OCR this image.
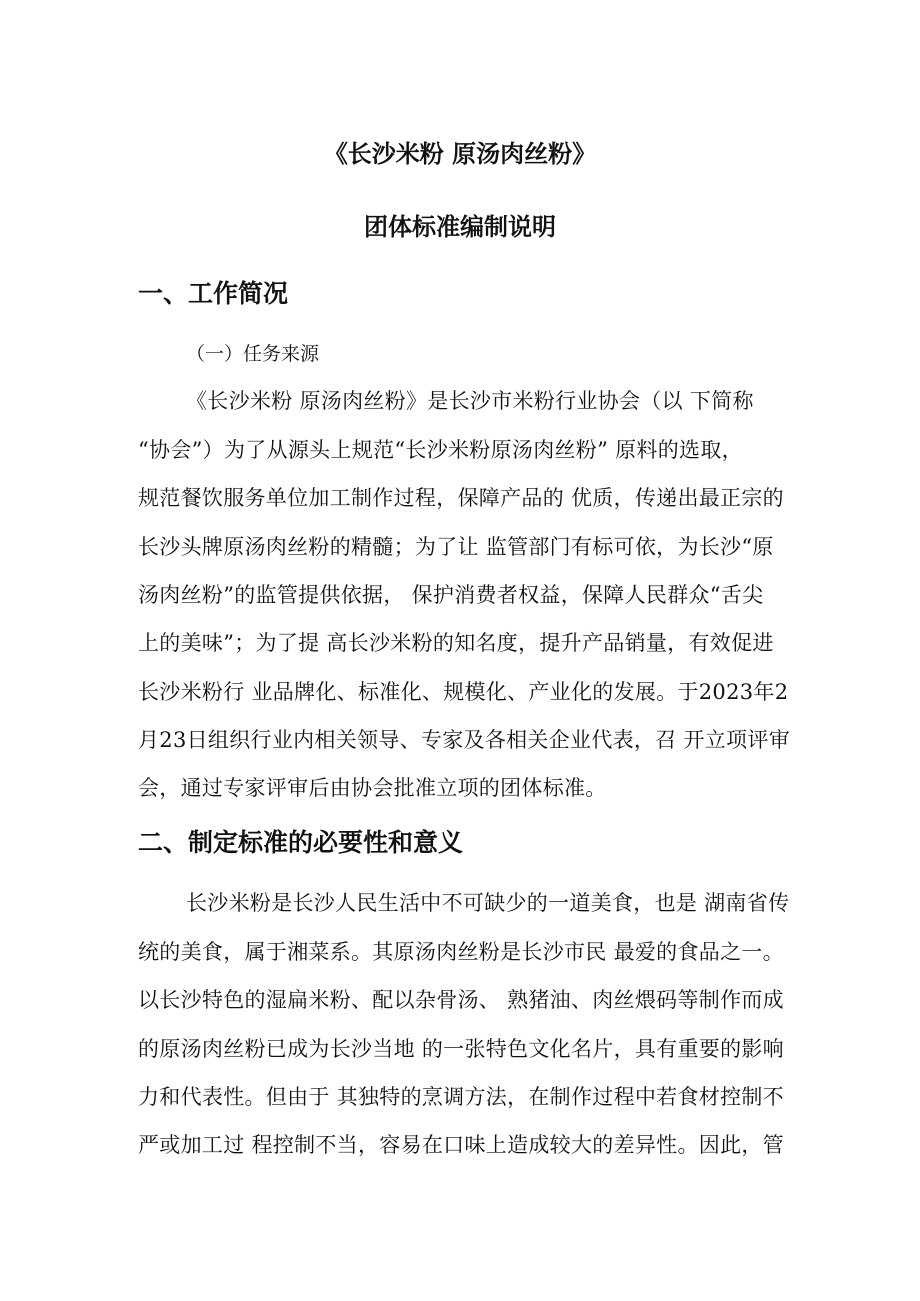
《长沙米粉 原汤肉丝粉》
团体标准编制说明
一、工作简况
（一）任务来源
《长沙米粉 原汤肉丝粉》是长沙市米粉行业协会（以 下简称
“协会”）为了从源头上规范“长沙米粉原汤肉丝粉” 原料的选取，
规范餐饮服务单位加工制作过程，保障产品的 优质，传递出最正宗的
长沙头牌原汤肉丝粉的精髓；为了让 监管部门有标可依，为长沙“原
汤肉丝粉”的监管提供依据， 保护消费者权益，保障人民群众“舌尖
上的美味”；为了提 高长沙米粉的知名度，提升产品销量，有效促进
长沙米粉行 业品牌化、标准化、规模化、产业化的发展。于2023年2
月23日组织行业内相关领导、专家及各相关企业代表，召 开立项评审
会，通过专家评审后由协会批准立项的团体标准。
二、制定标准的必要性和意义
长沙米粉是长沙人民生活中不可缺少的一道美食，也是 湖南省传
统的美食，属于湘菜系。其原汤肉丝粉是长沙市民 最爱的食品之一。
以长沙特色的湿扁米粉、配以杂骨汤、 熟猪油、肉丝煨码等制作而成
的原汤肉丝粉已成为长沙当地 的一张特色文化名片，具有重要的影响
力和代表性。但由于 其独特的烹调方法，在制作过程中若食材控制不
严或加工过 程控制不当，容易在口味上造成较大的差异性。因此，管
